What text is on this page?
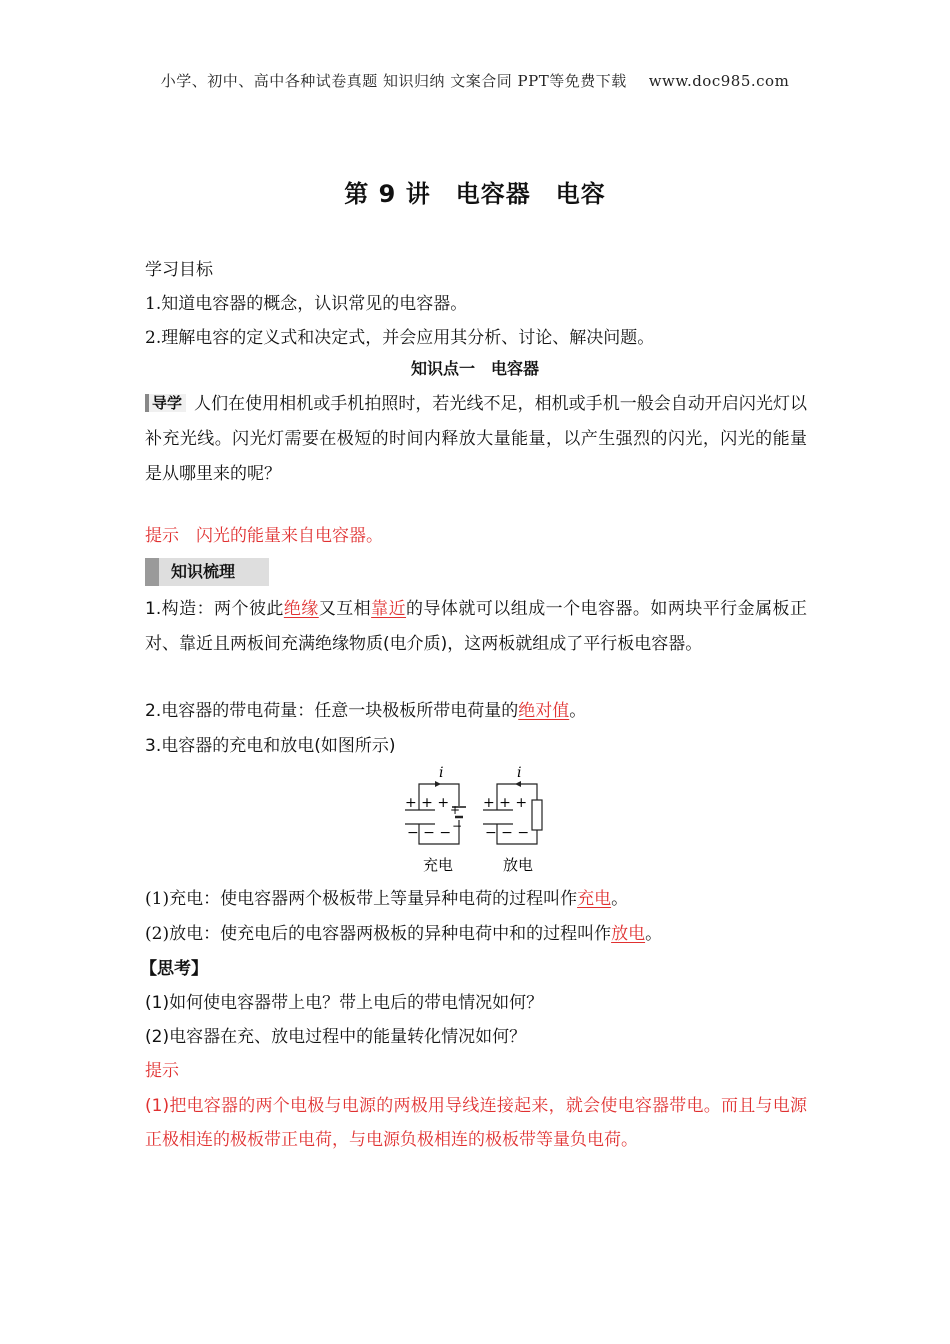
小学、初中、高中各种试卷真题 知识归纳 文案合同 PPT等免费下载 www.doc985.com
第 9 讲　电容器　电容
学习目标
1.知道电容器的概念，认识常见的电容器。
2.理解电容的定义式和决定式，并会应用其分析、讨论、解决问题。
知识点一　电容器
导学 人们在使用相机或手机拍照时，若光线不足，相机或手机一般会自动开启闪光灯以补充光线。闪光灯需要在极短的时间内释放大量能量，以产生强烈的闪光，闪光的能量是从哪里来的呢？
提示　 闪光的能量来自电容器。
知识梳理
1.构造：两个彼此绝缘又互相靠近的导体就可以组成一个电容器。如两块平行金属板正对、靠近且两板间充满绝缘物质(电介质)，这两板就组成了平行板电容器。
2.电容器的带电荷量：任意一块极板所带电荷量的绝对值。
3.电容器的充电和放电(如图所示)
i
+ + +
− − −
+
−
i
+ + +
− − −
充电	放电
(1)充电：使电容器两个极板带上等量异种电荷的过程叫作充电。
(2)放电：使充电后的电容器两极板的异种电荷中和的过程叫作放电。
【思考】
(1)如何使电容器带上电？带上电后的带电情况如何？
(2)电容器在充、放电过程中的能量转化情况如何？
提示
(1)把电容器的两个电极与电源的两极用导线连接起来，就会使电容器带电。而且与电源正极相连的极板带正电荷，与电源负极相连的极板带等量负电荷。
